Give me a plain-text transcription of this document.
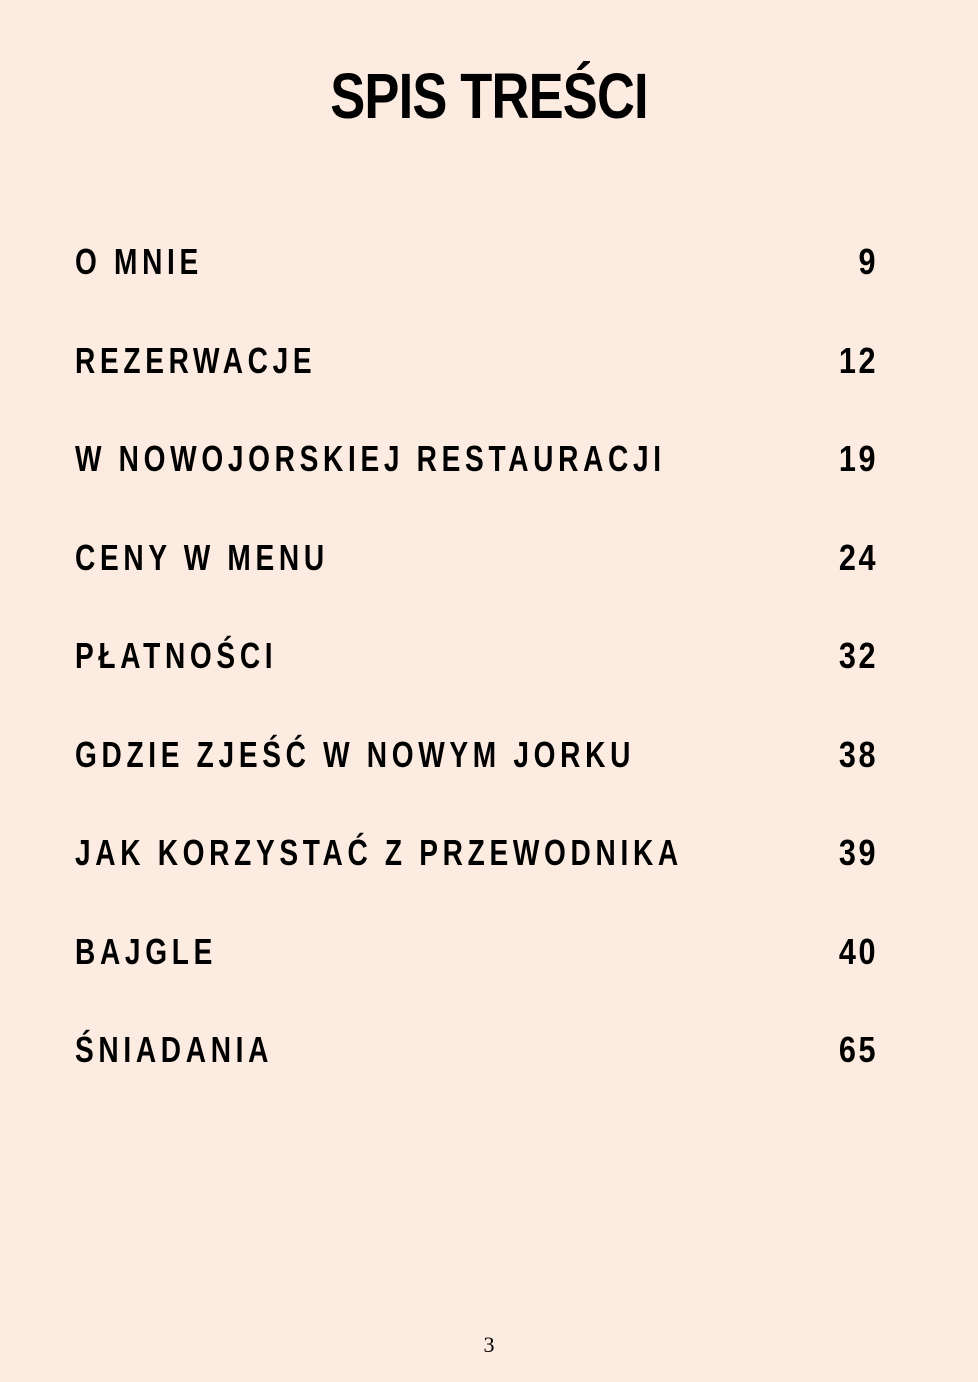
SPIS TREŚCI
O MNIE	9
REZERWACJE	12
W NOWOJORSKIEJ RESTAURACJI	19
CENY W MENU	24
PŁATNOŚCI	32
GDZIE ZJEŚĆ W NOWYM JORKU	38
JAK KORZYSTAĆ Z PRZEWODNIKA	39
BAJGLE	40
ŚNIADANIA	65
3
